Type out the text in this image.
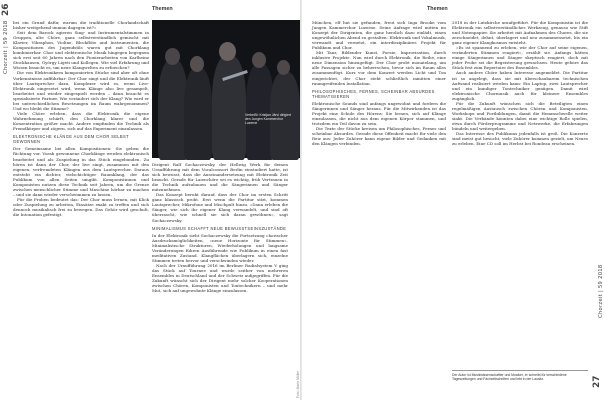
26
Chorzeit | 59 2018 bei ein Grund dafür, warum die traditionelle Chorlandschaft bisher weitgehend immun dagegen ist?«

Seit dem Barock agieren Sing- und Instrumentalstimmen in Gruppen, alte Chöre, ganz selbstverständlich gemischt mit Klavier, Vibraphon, Violine, Blockflöte und Instrumenten, die Kompositionen des Jugendstils waren gut mit Chorklang kombinierbar. Chor und elektronische Musik hingegen begegnen sich erst seit 60 Jahren nach den Pionierarbeiten von Karlheinz Stockhausen, György Ligeti und Kollegen. Wie viel Erfahrung und Wissen braucht es, um neue Klangwelten zu erforschen?

Die von Elektronikern komponierten Stücke sind aber oft ohne Vorkenntnisse aufführbar: Der Chor singt und die Elektronik läuft über Lautsprecher dazu. Komplexer wird es, wenn Live-Elektronik eingesetzt wird, wenn Klänge also live gesampelt, bearbeitet und wieder eingespielt werden – dann braucht es spezialisierte Partner. Wie verändert sich der Klang? Wie wird er bei unterschiedlichen Besetzungen im Raum wahrgenommen? Und wo bleibt die Stimme?

Viele Chöre erleben, dass die Elektronik die eigene Wahrnehmung schärft, den Chorklang klarer und die Konzentration größer macht. Andere empfinden die Technik als Fremdkörper und zögern, sich auf das Experiment einzulassen.

ELEKTRONISCHE KLÄNGE AUS DEM CHOR SELBST GEWONNEN

Der Gemeinsame bei allen Kompositionen: Sie geben die Richtung vor. Vorab gewonnene Chorklänge werden elektronisch bearbeitet und als Zuspielung in das Stück eingebunden. Zu hören ist dann der Chor, der live singt, zusammen mit den eigenen, verfremdeten Klängen aus dem Lautsprecher. Daraus entsteht ein dichter, vielschichtiger Raumklang, der das Publikum von allen Seiten umgibt. Komponistinnen und Komponisten nutzen diese Technik seit Jahren, um die Grenze zwischen menschlicher Stimme und Maschine hörbar zu machen – und sie dann wieder verschwimmen zu lassen.

Für die Proben bedeutet das: Der Chor muss lernen, mit Klick oder Zuspielung zu arbeiten, Einsätze exakt zu treffen und sich dennoch musikalisch frei zu bewegen. Das Gehör wird geschult, die Intonation gefestigt.

Verbeißt: Kristjan Järvi dirigiert den Jungen Kammerchor Luzerne

Dirigent Ralf Sochaczewsky, der Hellwig Werk für deinen Uraufführung mit dem Vocalconsort Berlin einstudiert hatte, ist sich bewusst, dass die Auseinandersetzung mit Elektronik Zeit braucht. Gerade für Laienchöre sei es wichtig, früh Vertrauen in die Technik aufzubauen und die Sängerinnen und Sänger mitzunehmen.

Das Konzept beruht darauf, dass der Chor im ersten Schritt ganz klassisch probt. Erst wenn die Partitur sitzt, kommen Lautsprecher, Mikrofone und Mischpult hinzu. »Dann erleben die Sänger, wie sich ihr eigener Klang verwandelt, und sind oft überrascht, wie schnell sie sich daran gewöhnen«, sagt Sochaczewsky.

MINIMALISMUS SCHAFFT NEUE BEWUSSTSEINSZUSTÄNDE

In der Elektronik sieht Sochaczewsky die Fortsetzung chorischer Ausdrucksmöglichkeiten, »neue Horizonte für Stimmen«. Minimalistische Strukturen, Wiederholungen und langsame Veränderungen führen Ausführende wie Publikum in einen fast meditativen Zustand. Klangflächen überlagern sich, einzelne Stimmen treten hervor und verschwinden wieder.

Nach der Uraufführung 2016 im Berliner Radialsystem V ging das Stück auf Tournee und wurde seither von mehreren Ensembles in Deutschland und der Schweiz aufgegriffen. Für die Zukunft wünscht sich der Dirigent mehr solcher Kooperationen zwischen Chören, Komponisten und Tontechnikern – und mehr Mut, sich auf ungewohnte Klänge einzulassen.

Foto: Marie Möller
Themen	Themen

München, elf hat sie gefunden, freut sich Inga Brooke vom Jungen Kammerchor Luzerne. Seine Anfrage wird mitten im Konzept der Dirigenten, die ganz herzlich dazu einlädt, einen ungewöhnlichen Abend zu gestalten: Elektronik und Vokalmusik, verwandt und vernetzt, ein interdisziplinäres Projekt für Publikum und Chor.

Mit Tanz, Bildender Kunst, Poesie, Improvisation, durch inklusive Projekte. Nun wird durch Elektronik, die Reihe, eine neue Dimension hinzugefügt. Der Chor probt monatelang, um alle Passagen sicher zu beherrschen, bevor sich im Raum alles zusammenfügt. Kurz vor dem Konzert werden Licht und Ton eingerichtet, der Chor steht schließlich inmitten einer raumgreifenden Installation.

PHILOSOPHISCHES, FERNES, SCHEINBAR ABSURDES THEMATISIEREN

Elektronische Sounds sind anfangs ungewohnt und fordern die Sängerinnen und Sänger heraus. Für die Mitwirkenden ist das Projekt eine Schule des Hörens: Sie lernen, sich auf Klänge einzulassen, die nicht aus dem eigenen Körper stammen, und trotzdem ein Teil davon zu sein.

Die Texte der Stücke kreisen um Philosophisches, Fernes und scheinbar Absurdes. Gerade diese Offenheit macht für viele den Reiz aus: Jeder Zuhörer kann eigene Bilder und Gedanken mit den Klängen verbinden.

2018 in der Lutzkirche uraufgeführt. Für die Komponistin ist die Elektronik ein selbstverständliches Werkzeug, genauso wie Stift und Notenpapier. Sie arbeitet mit Aufnahmen des Chores, die sie zerschneidet, dehnt, überlagert und neu zusammensetzt, bis ein ganz eigener Klangkosmos entsteht.

»Es ist spannend zu erleben, wie der Chor auf seine eigenen, veränderten Stimmen reagiert«, erzählt sie. Anfangs hätten einige Sängerinnen und Sänger skeptisch reagiert, doch mit jeder Probe sei die Begeisterung gewachsen. Heute gehöre das Stück fest zum Repertoire des Ensembles.

Auch andere Chöre haben Interesse angemeldet. Die Partitur ist so angelegt, dass sie mit überschaubarem technischen Aufwand realisiert werden kann: Ein Laptop, zwei Lautsprecher und ein kundiger Tontechniker genügen. Damit wird elektronische Chormusik auch für kleinere Ensembles zugänglich.

Für die Zukunft wünschen sich die Beteiligten einen regelmäßigen Austausch zwischen Chören und Komponisten, Workshops und Fortbildungen, damit die Hemmschwelle weiter sinkt. Die Verbände könnten dabei eine wichtige Rolle spielen, etwa durch Förderprogramme und Netzwerke, die Erfahrungen bündeln und weitergeben.

Das Interesse des Publikums jedenfalls ist groß. Die Konzerte sind meist gut besucht, viele Zuhörer kommen gezielt, um Neues zu erleben. Eine CD soll im Herbst bei Rondeau erscheinen.

Der Autor ist Musikwissenschaftler und Musiker, er schreibt für verschiedene Tageszeitungen und Fachzeitschriften und lebt in der Lausitz.
Chorzeit | 59 2018
27
